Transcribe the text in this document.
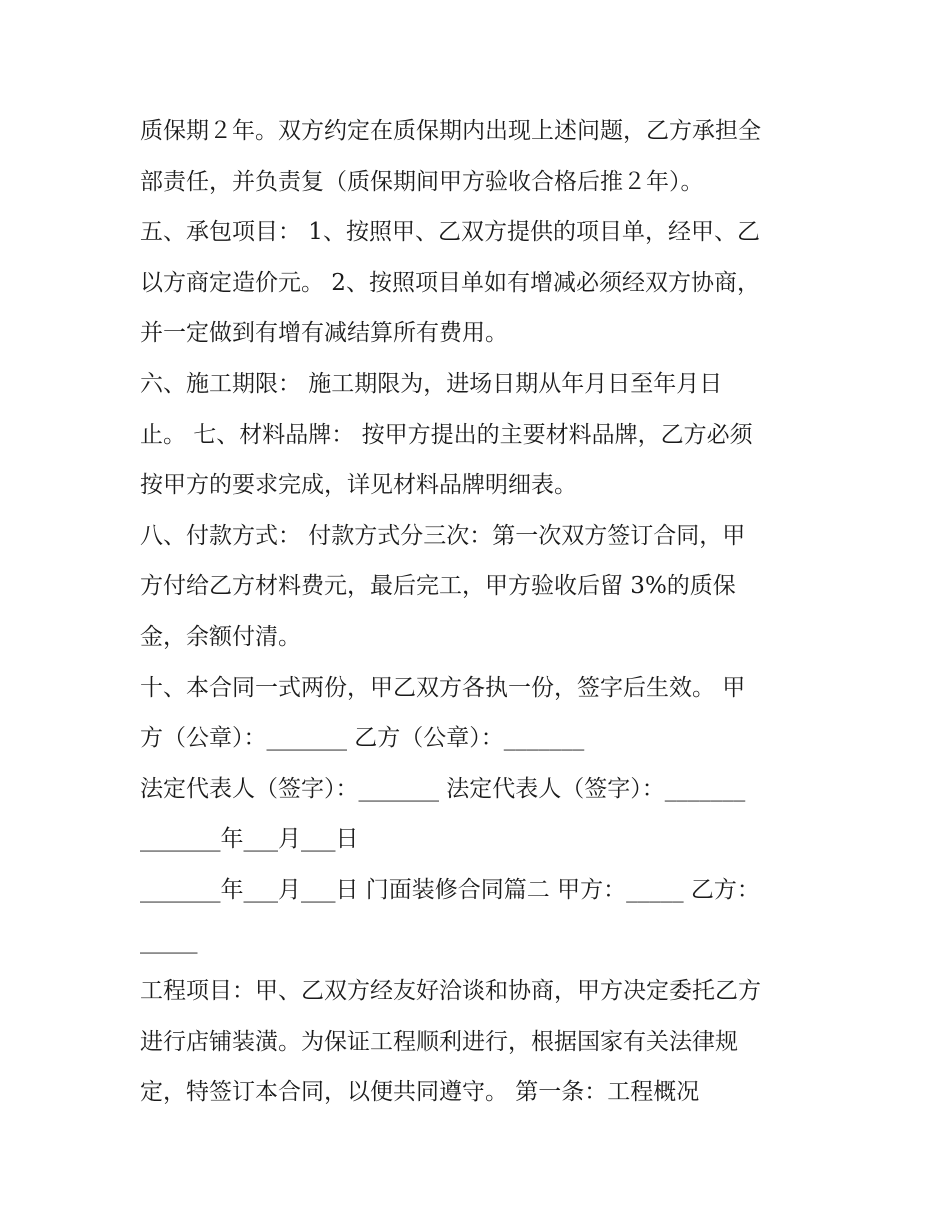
质保期２年。双方约定在质保期内出现上述问题，乙方承担全

部责任，并负责复（质保期间甲方验收合格后推２年）。

五、承包项目： 1、按照甲、乙双方提供的项目单，经甲、乙

以方商定造价元。 2、按照项目单如有增减必须经双方协商，

并一定做到有增有减结算所有费用。

六、施工期限： 施工期限为，进场日期从年月日至年月日

止。 七、材料品牌： 按甲方提出的主要材料品牌，乙方必须

按甲方的要求完成，详见材料品牌明细表。

八、付款方式： 付款方式分三次：第一次双方签订合同，甲

方付给乙方材料费元，最后完工，甲方验收后留 3%的质保

金，余额付清。

十、本合同一式两份，甲乙双方各执一份，签字后生效。 甲

方（公章）：_______ 乙方（公章）：_______

法定代表人（签字）：_______ 法定代表人（签字）：_______

_______年___月___日

_______年___月___日 门面装修合同篇二 甲方：_____ 乙方：

_____

工程项目：甲、乙双方经友好洽谈和协商，甲方决定委托乙方

进行店铺装潢。为保证工程顺利进行，根据国家有关法律规

定，特签订本合同，以便共同遵守。 第一条：工程概况
